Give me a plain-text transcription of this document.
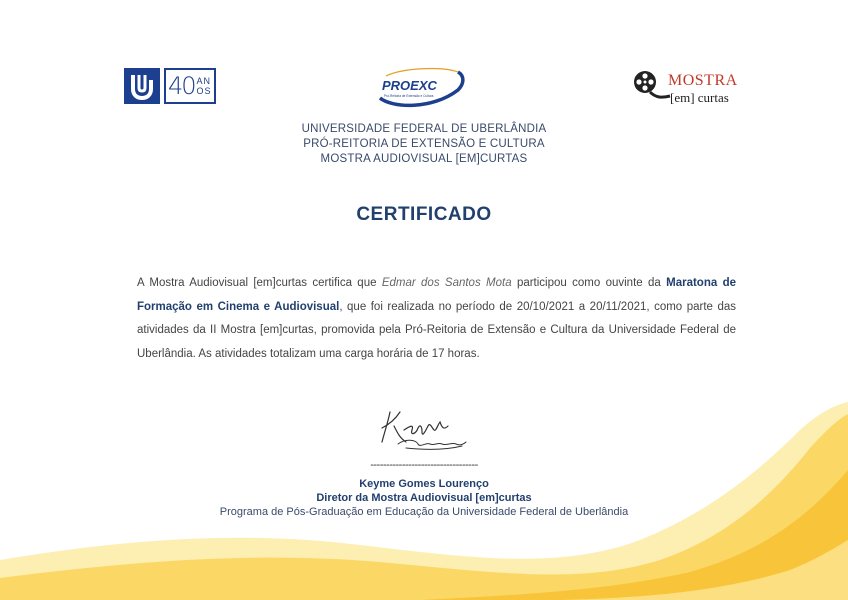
40 AN
OS	PROEXC
Pró-Reitoria de Extensão e Cultura
MOSTRA
[em] curtas
UNIVERSIDADE FEDERAL DE UBERLÂNDIA
PRÓ-REITORIA DE EXTENSÃO E CULTURA
MOSTRA AUDIOVISUAL [EM]CURTAS
CERTIFICADO
A Mostra Audiovisual [em]curtas certifica que Edmar dos Santos Mota participou como ouvinte da Maratona de Formação em Cinema e Audiovisual, que foi realizada no período de 20/10/2021 a 20/11/2021, como parte das atividades da II Mostra [em]curtas, promovida pela Pró-Reitoria de Extensão e Cultura da Universidade Federal de Uberlândia. As atividades totalizam uma carga horária de 17 horas.
----------------------------------
Keyme Gomes Lourenço
Diretor da Mostra Audiovisual [em]curtas
Programa de Pós-Graduação em Educação da Universidade Federal de Uberlândia
